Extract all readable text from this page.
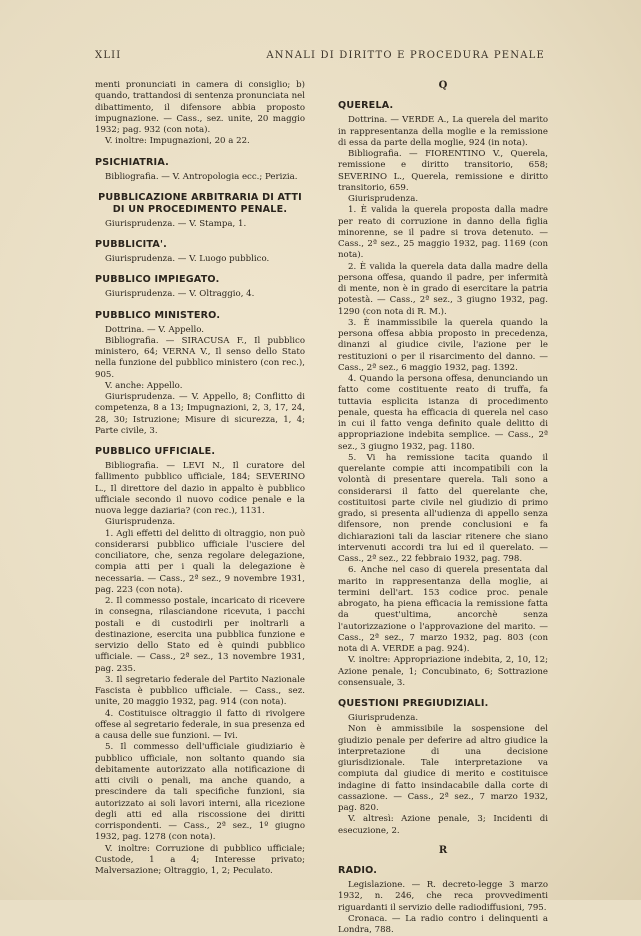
XLII	ANNALI DI DIRITTO E PROCEDURA PENALE

menti pronunciati in camera di consiglio; b) quando, trattandosi di sentenza pronunciata nel dibattimento, il difensore abbia proposto impugnazione. — Cass., sez. unite, 20 maggio 1932; pag. 932 (con nota).

V. inoltre: Impugnazioni, 20 a 22.

PSICHIATRIA.

Bibliografia. — V. Antropologia ecc.; Perizia.

PUBBLICAZIONE ARBITRARIA DI ATTI DI UN PROCEDIMENTO PENALE.

Giurisprudenza. — V. Stampa, 1.

PUBBLICITA'.

Giurisprudenza. — V. Luogo pubblico.

PUBBLICO IMPIEGATO.

Giurisprudenza. — V. Oltraggio, 4.

PUBBLICO MINISTERO.

Dottrina. — V. Appello.

Bibliografia. — SIRACUSA F., Il pubblico ministero, 64; VERNA V., Il senso dello Stato nella funzione del pubblico ministero (con rec.), 905.

V. anche: Appello.

Giurisprudenza. — V. Appello, 8; Conflitto di competenza, 8 a 13; Impugnazioni, 2, 3, 17, 24, 28, 30; Istruzione; Misure di sicurezza, 1, 4; Parte civile, 3.

PUBBLICO UFFICIALE.

Bibliografia. — LEVI N., Il curatore del fallimento pubblico ufficiale, 184; SEVERINO L., Il direttore del dazio in appalto è pubblico ufficiale secondo il nuovo codice penale e la nuova legge daziaria? (con rec.), 1131.

Giurisprudenza.

1. Agli effetti del delitto di oltraggio, non può considerarsi pubblico ufficiale l'usciere del conciliatore, che, senza regolare delegazione, compia atti per i quali la delegazione è necessaria. — Cass., 2ª sez., 9 novembre 1931, pag. 223 (con nota).

2. Il commesso postale, incaricato di ricevere in consegna, rilasciandone ricevuta, i pacchi postali e di custodirli per inoltrarli a destinazione, esercita una pubblica funzione e servizio dello Stato ed è quindi pubblico ufficiale. — Cass., 2ª sez., 13 novembre 1931, pag. 235.

3. Il segretario federale del Partito Nazionale Fascista è pubblico ufficiale. — Cass., sez. unite, 20 maggio 1932, pag. 914 (con nota).

4. Costituisce oltraggio il fatto di rivolgere offese al segretario federale, in sua presenza ed a causa delle sue funzioni. — Ivi.

5. Il commesso dell'ufficiale giudiziario è pubblico ufficiale, non soltanto quando sia debitamente autorizzato alla notificazione di atti civili o penali, ma anche quando, a prescindere da tali specifiche funzioni, sia autorizzato ai soli lavori interni, alla ricezione degli atti ed alla riscossione dei diritti corrispondenti. — Cass., 2ª sez., 1º giugno 1932, pag. 1278 (con nota).

V. inoltre: Corruzione di pubblico ufficiale; Custode, 1 a 4; Interesse privato; Malversazione; Oltraggio, 1, 2; Peculato.

Q
QUERELA.

Dottrina. — VERDE A., La querela del marito in rappresentanza della moglie e la remissione di essa da parte della moglie, 924 (in nota).

Bibliografia. — FIORENTINO V., Querela, remissione e diritto transitorio, 658; SEVERINO L., Querela, remissione e diritto transitorio, 659.

Giurisprudenza.

1. È valida la querela proposta dalla madre per reato di corruzione in danno della figlia minorenne, se il padre si trova detenuto. — Cass., 2ª sez., 25 maggio 1932, pag. 1169 (con nota).

2. È valida la querela data dalla madre della persona offesa, quando il padre, per infermità di mente, non è in grado di esercitare la patria potestà. — Cass., 2ª sez., 3 giugno 1932, pag. 1290 (con nota di R. M.).

3. È inammissibile la querela quando la persona offesa abbia proposto in precedenza, dinanzi al giudice civile, l'azione per le restituzioni o per il risarcimento del danno. — Cass., 2ª sez., 6 maggio 1932, pag. 1392.

4. Quando la persona offesa, denunciando un fatto come costituente reato di truffa, fa tuttavia esplicita istanza di procedimento penale, questa ha efficacia di querela nel caso in cui il fatto venga definito quale delitto di appropriazione indebita semplice. — Cass., 2ª sez., 3 giugno 1932, pag. 1180.

5. Vi ha remissione tacita quando il querelante compie atti incompatibili con la volontà di presentare querela. Tali sono a considerarsi il fatto del querelante che, costituitosi parte civile nel giudizio di primo grado, si presenta all'udienza di appello senza difensore, non prende conclusioni e fa dichiarazioni tali da lasciar ritenere che siano intervenuti accordi tra lui ed il querelato. — Cass., 2ª sez., 22 febbraio 1932, pag. 798.

6. Anche nel caso di querela presentata dal marito in rappresentanza della moglie, ai termini dell'art. 153 codice proc. penale abrogato, ha piena efficacia la remissione fatta da quest'ultima, ancorchè senza l'autorizzazione o l'approvazione del marito. — Cass., 2ª sez., 7 marzo 1932, pag. 803 (con nota di A. VERDE a pag. 924).

V. inoltre: Appropriazione indebita, 2, 10, 12; Azione penale, 1; Concubinato, 6; Sottrazione consensuale, 3.

QUESTIONI PREGIUDIZIALI.

Giurisprudenza.

Non è ammissibile la sospensione del giudizio penale per deferire ad altro giudice la interpretazione di una decisione giurisdizionale. Tale interpretazione va compiuta dal giudice di merito e costituisce indagine di fatto insindacabile dalla corte di cassazione. — Cass., 2ª sez., 7 marzo 1932, pag. 820.

V. altresì: Azione penale, 3; Incidenti di esecuzione, 2.

R
RADIO.

Legislazione. — R. decreto-legge 3 marzo 1932, n. 246, che reca provvedimenti riguardanti il servizio delle radiodiffusioni, 795.

Cronaca. — La radio contro i delinquenti a Londra, 788.
